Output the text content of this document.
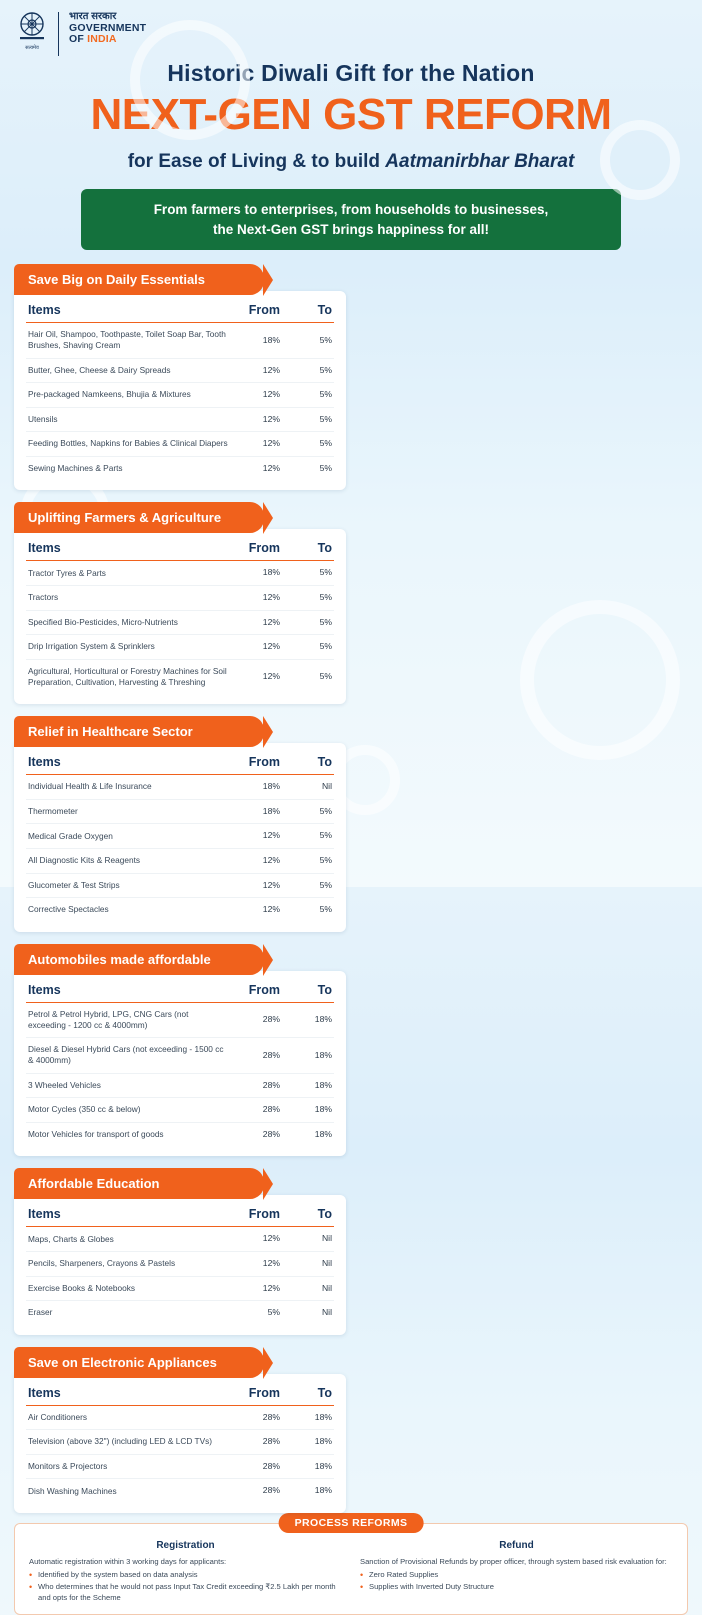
सत्यमेव
भारत सरकार
GOVERNMENT
OF INDIA
Historic Diwali Gift for the Nation
NEXT-GEN GST REFORM
for Ease of Living & to build Aatmanirbhar Bharat
From farmers to enterprises, from households to businesses,
the Next-Gen GST brings happiness for all!
Save Big on Daily Essentials
Items	From	To
Hair Oil, Shampoo, Toothpaste, Toilet Soap Bar, Tooth Brushes, Shaving Cream	18%	5%
Butter, Ghee, Cheese & Dairy Spreads	12%	5%
Pre-packaged Namkeens, Bhujia & Mixtures	12%	5%
Utensils	12%	5%
Feeding Bottles, Napkins for Babies & Clinical Diapers	12%	5%
Sewing Machines & Parts	12%	5%
Uplifting Farmers & Agriculture
Items	From	To
Tractor Tyres & Parts	18%	5%
Tractors	12%	5%
Specified Bio-Pesticides, Micro-Nutrients	12%	5%
Drip Irrigation System & Sprinklers	12%	5%
Agricultural, Horticultural or Forestry Machines for Soil Preparation, Cultivation, Harvesting & Threshing	12%	5%
Relief in Healthcare Sector
Items	From	To
Individual Health & Life Insurance	18%	Nil
Thermometer	18%	5%
Medical Grade Oxygen	12%	5%
All Diagnostic Kits & Reagents	12%	5%
Glucometer & Test Strips	12%	5%
Corrective Spectacles	12%	5%
Automobiles made affordable
Items	From	To
Petrol & Petrol Hybrid, LPG, CNG Cars (not exceeding - 1200 cc & 4000mm)	28%	18%
Diesel & Diesel Hybrid Cars (not exceeding - 1500 cc & 4000mm)	28%	18%
3 Wheeled Vehicles	28%	18%
Motor Cycles (350 cc & below)	28%	18%
Motor Vehicles for transport of goods	28%	18%
Affordable Education
Items	From	To
Maps, Charts & Globes	12%	Nil
Pencils, Sharpeners, Crayons & Pastels	12%	Nil
Exercise Books & Notebooks	12%	Nil
Eraser	5%	Nil
Save on Electronic Appliances
Items	From	To
Air Conditioners	28%	18%
Television (above 32") (including LED & LCD TVs)	28%	18%
Monitors & Projectors	28%	18%
Dish Washing Machines	28%	18%
PROCESS REFORMS
Registration

Automatic registration within 3 working days for applicants:

• Identified by the system based on data analysis
• Who determines that he would not pass Input Tax Credit exceeding ₹2.5 Lakh per month and opts for the Scheme
Refund

Sanction of Provisional Refunds by proper officer, through system based risk evaluation for:

• Zero Rated Supplies
• Supplies with Inverted Duty Structure
